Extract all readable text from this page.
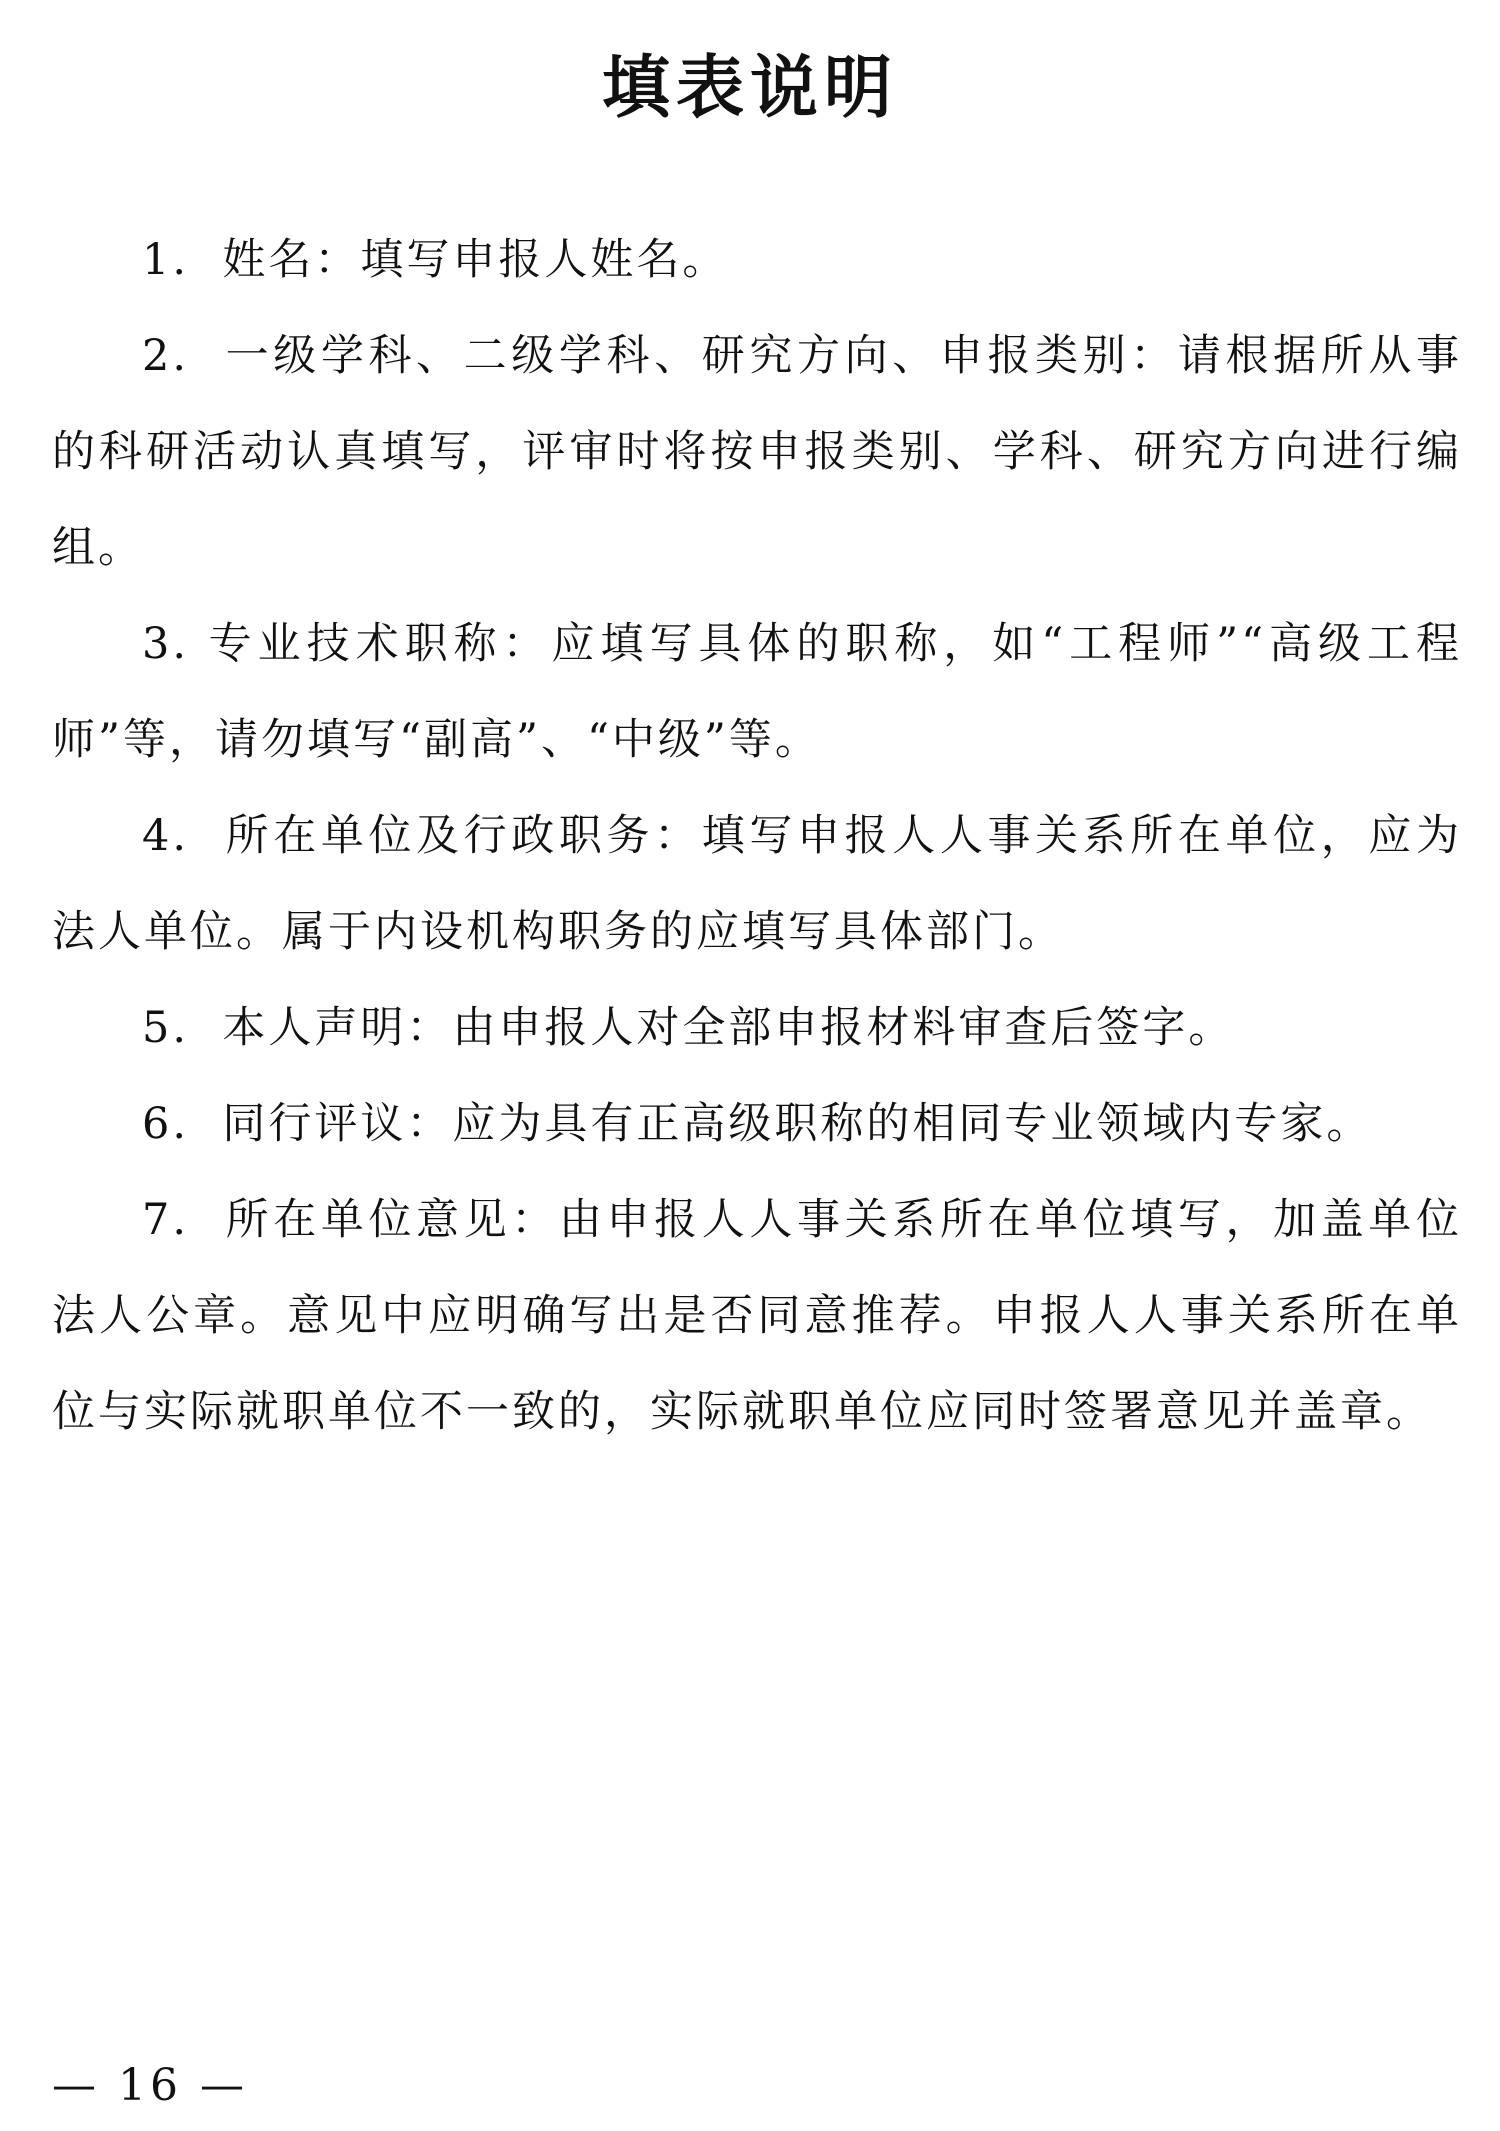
填表说明

1.  姓名：填写申报人姓名。

2.  一级学科、二级学科、研究方向、申报类别：请根据所从事的科研活动认真填写，评审时将按申报类别、学科、研究方向进行编组。

3. 专业技术职称：应填写具体的职称，如“工程师”“高级工程师”等，请勿填写“副高”、“中级”等。

4.  所在单位及行政职务：填写申报人人事关系所在单位，应为法人单位。属于内设机构职务的应填写具体部门。

5.  本人声明：由申报人对全部申报材料审查后签字。

6.  同行评议：应为具有正高级职称的相同专业领域内专家。

7.  所在单位意见：由申报人人事关系所在单位填写，加盖单位法人公章。意见中应明确写出是否同意推荐。申报人人事关系所在单位与实际就职单位不一致的，实际就职单位应同时签署意见并盖章。

— 16 —
